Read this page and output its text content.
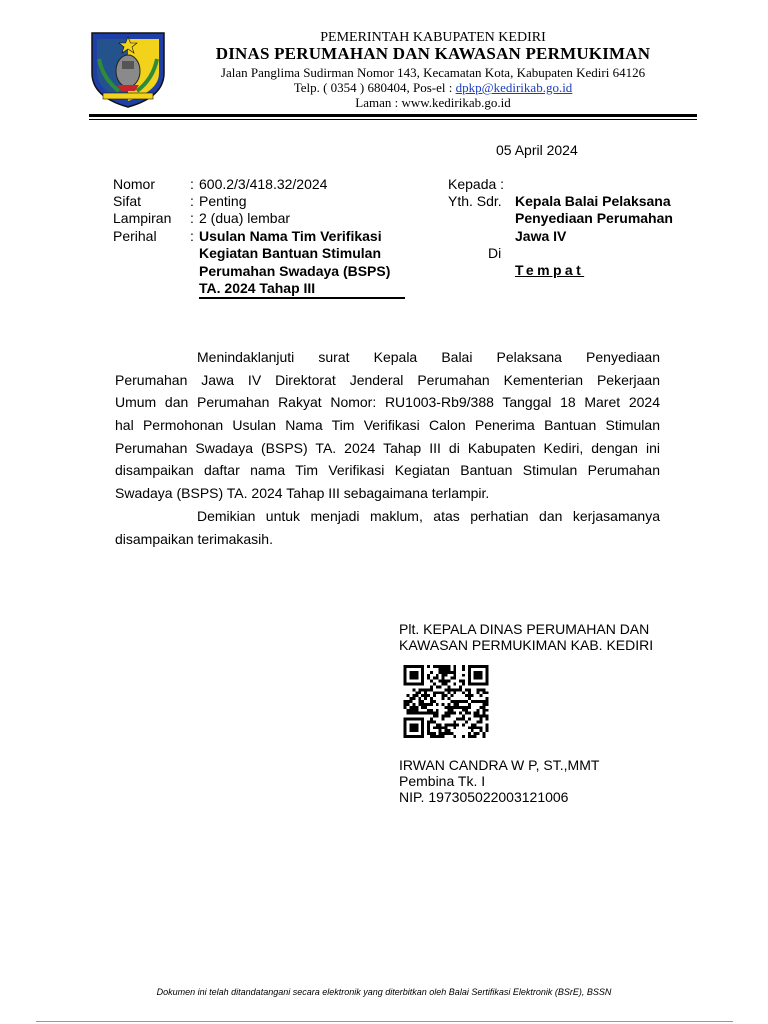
PEMERINTAH KABUPATEN KEDIRI
DINAS PERUMAHAN DAN KAWASAN PERMUKIMAN
Jalan Panglima Sudirman Nomor 143, Kecamatan Kota, Kabupaten Kediri 64126
Telp. ( 0354 ) 680404, Pos-el : dpkp@kedirikab.go.id
Laman : www.kedirikab.go.id
05 April 2024
Nomor : 600.2/3/418.32/2024
Sifat	: Penting
Lampiran : 2 (dua) lembar
Perihal : Usulan Nama Tim Verifikasi
Kegiatan Bantuan Stimulan
Perumahan Swadaya (BSPS)
TA. 2024 Tahap III
Kepada :
Yth. Sdr. Kepala Balai Pelaksana
Penyediaan Perumahan
Jawa IV
Di
Tempat
Menindaklanjuti surat Kepala Balai Pelaksana Penyediaan
Perumahan Jawa IV Direktorat Jenderal Perumahan Kementerian Pekerjaan
Umum dan Perumahan Rakyat Nomor: RU1003-Rb9/388 Tanggal 18 Maret 2024
hal Permohonan Usulan Nama Tim Verifikasi Calon Penerima Bantuan Stimulan
Perumahan Swadaya (BSPS) TA. 2024 Tahap III di Kabupaten Kediri, dengan ini
disampaikan daftar nama Tim Verifikasi Kegiatan Bantuan Stimulan Perumahan
Swadaya (BSPS) TA. 2024 Tahap III sebagaimana terlampir.
Demikian untuk menjadi maklum, atas perhatian dan kerjasamanya
disampaikan terimakasih.
Plt. KEPALA DINAS PERUMAHAN DAN
KAWASAN PERMUKIMAN KAB. KEDIRI
IRWAN CANDRA W P, ST.,MMT
Pembina Tk. I
NIP. 197305022003121006
Dokumen ini telah ditandatangani secara elektronik yang diterbitkan oleh Balai Sertifikasi Elektronik (BSrE), BSSN
